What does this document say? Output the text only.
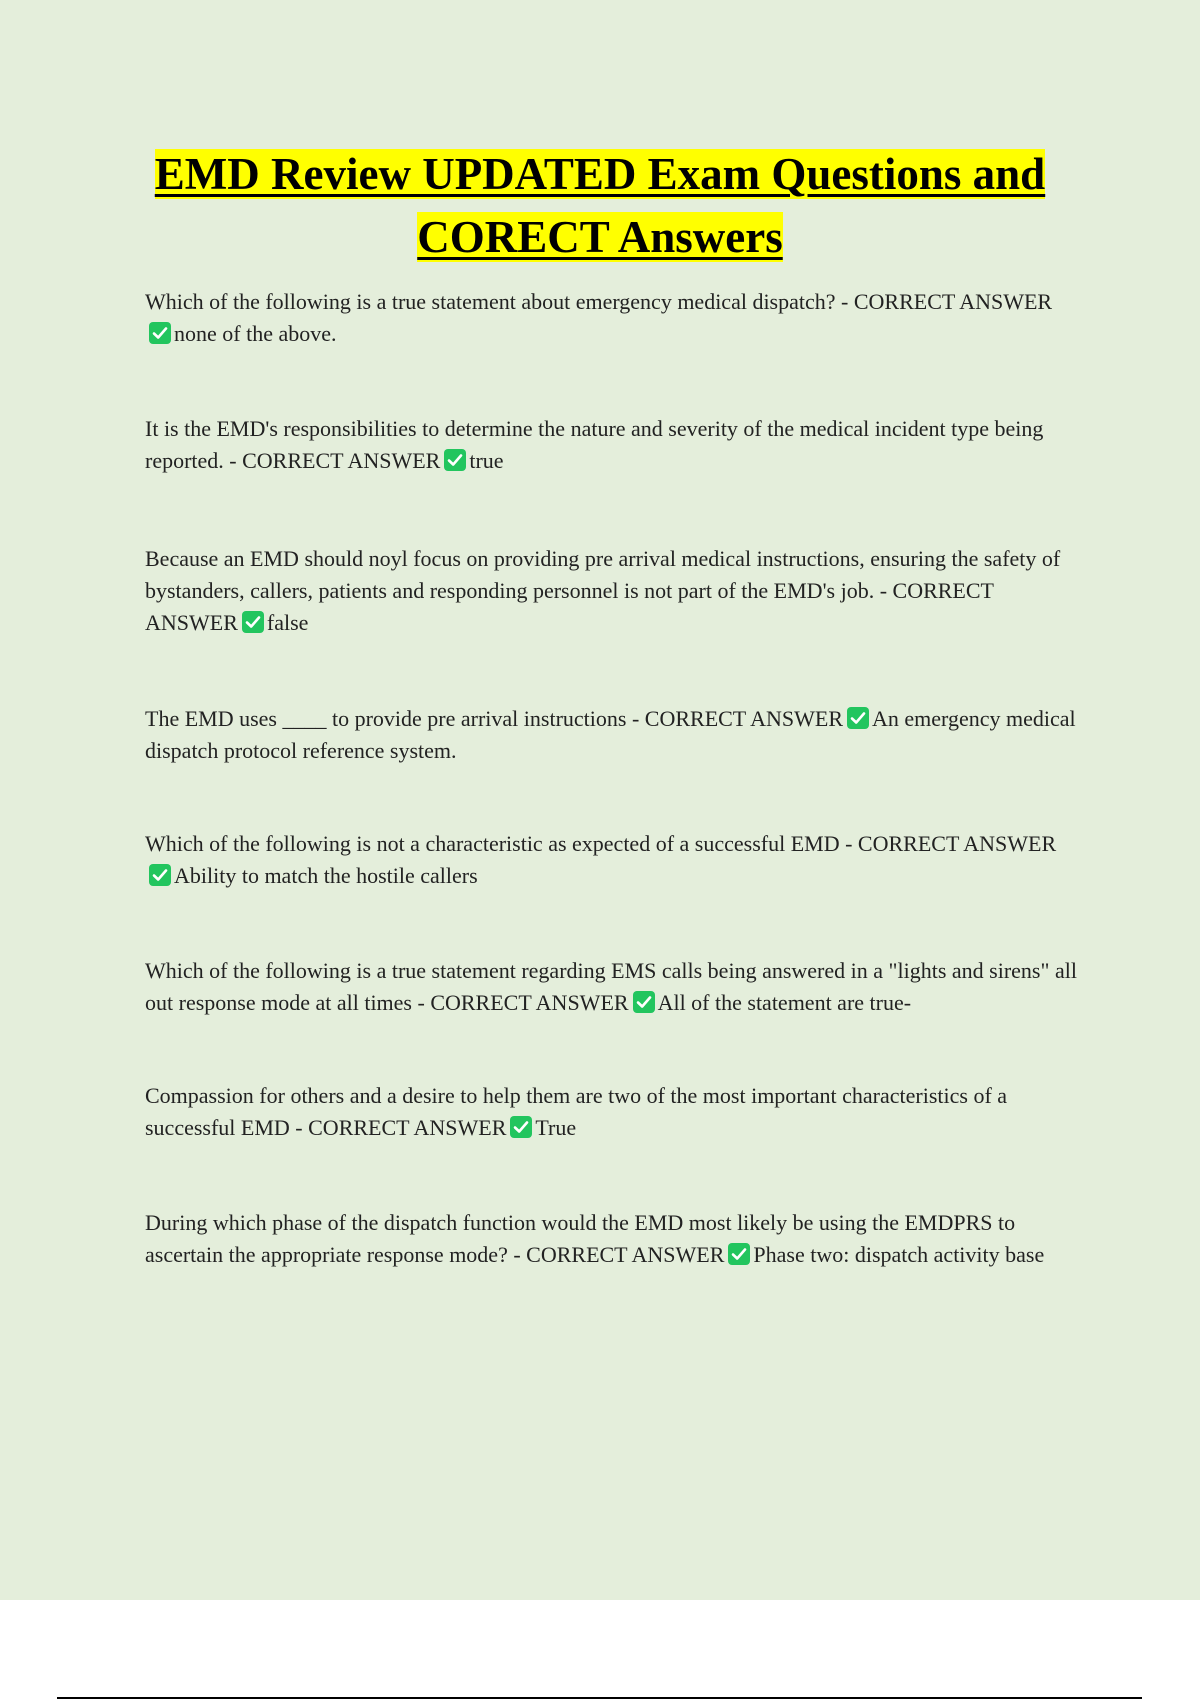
EMD Review UPDATED Exam Questions and CORECT Answers

Which of the following is a true statement about emergency medical dispatch? - CORRECT ANSWER
none of the above.

It is the EMD's responsibilities to determine the nature and severity of the medical incident type being reported. - CORRECT ANSWER true

Because an EMD should noyl focus on providing pre arrival medical instructions, ensuring the safety of bystanders, callers, patients and responding personnel is not part of the EMD's job. - CORRECT ANSWER false

The EMD uses ____ to provide pre arrival instructions - CORRECT ANSWER An emergency medical dispatch protocol reference system.

Which of the following is not a characteristic as expected of a successful EMD - CORRECT ANSWER
Ability to match the hostile callers

Which of the following is a true statement regarding EMS calls being answered in a "lights and sirens" all out response mode at all times - CORRECT ANSWER All of the statement are true-

Compassion for others and a desire to help them are two of the most important characteristics of a successful EMD - CORRECT ANSWER True

During which phase of the dispatch function would the EMD most likely be using the EMDPRS to ascertain the appropriate response mode? - CORRECT ANSWER Phase two: dispatch activity base
